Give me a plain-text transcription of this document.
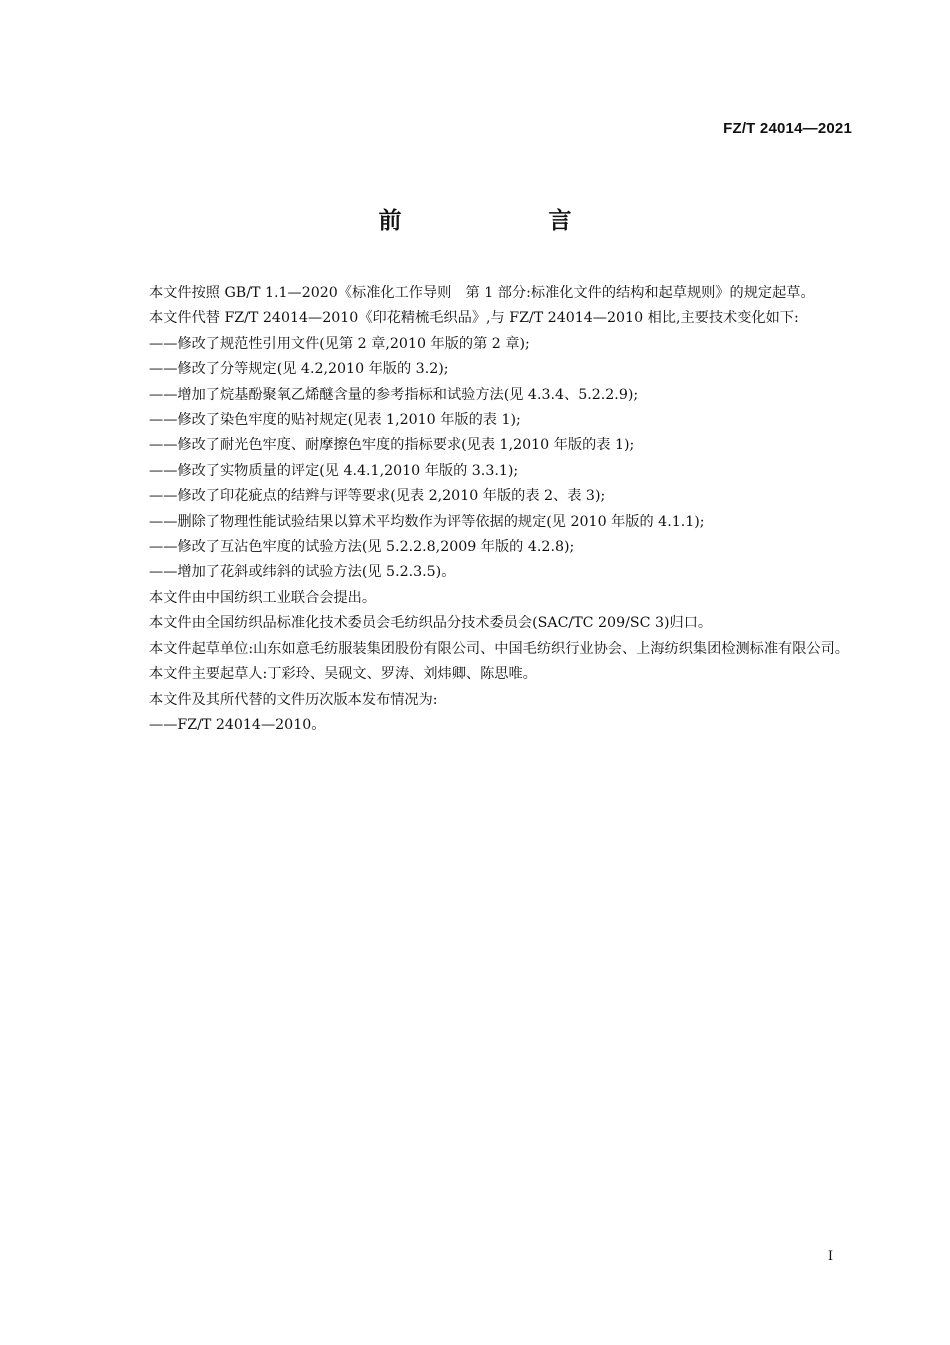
FZ/T 24014—2021
前　言

本文件按照 GB/T 1.1—2020《标准化工作导则　第 1 部分:标准化文件的结构和起草规则》的规定起草。

本文件代替 FZ/T 24014—2010《印花精梳毛织品》,与 FZ/T 24014—2010 相比,主要技术变化如下:

——修改了规范性引用文件(见第 2 章,2010 年版的第 2 章);

——修改了分等规定(见 4.2,2010 年版的 3.2);

——增加了烷基酚聚氧乙烯醚含量的参考指标和试验方法(见 4.3.4、5.2.2.9);

——修改了染色牢度的贴衬规定(见表 1,2010 年版的表 1);

——修改了耐光色牢度、耐摩擦色牢度的指标要求(见表 1,2010 年版的表 1);

——修改了实物质量的评定(见 4.4.1,2010 年版的 3.3.1);

——修改了印花疵点的结辫与评等要求(见表 2,2010 年版的表 2、表 3);

——删除了物理性能试验结果以算术平均数作为评等依据的规定(见 2010 年版的 4.1.1);

——修改了互沾色牢度的试验方法(见 5.2.2.8,2009 年版的 4.2.8);

——增加了花斜或纬斜的试验方法(见 5.2.3.5)。

本文件由中国纺织工业联合会提出。

本文件由全国纺织品标准化技术委员会毛纺织品分技术委员会(SAC/TC 209/SC 3)归口。

本文件起草单位:山东如意毛纺服装集团股份有限公司、中国毛纺织行业协会、上海纺织集团检测标准有限公司。

本文件主要起草人:丁彩玲、吴砚文、罗涛、刘炜卿、陈思唯。

本文件及其所代替的文件历次版本发布情况为:

——FZ/T 24014—2010。

I
